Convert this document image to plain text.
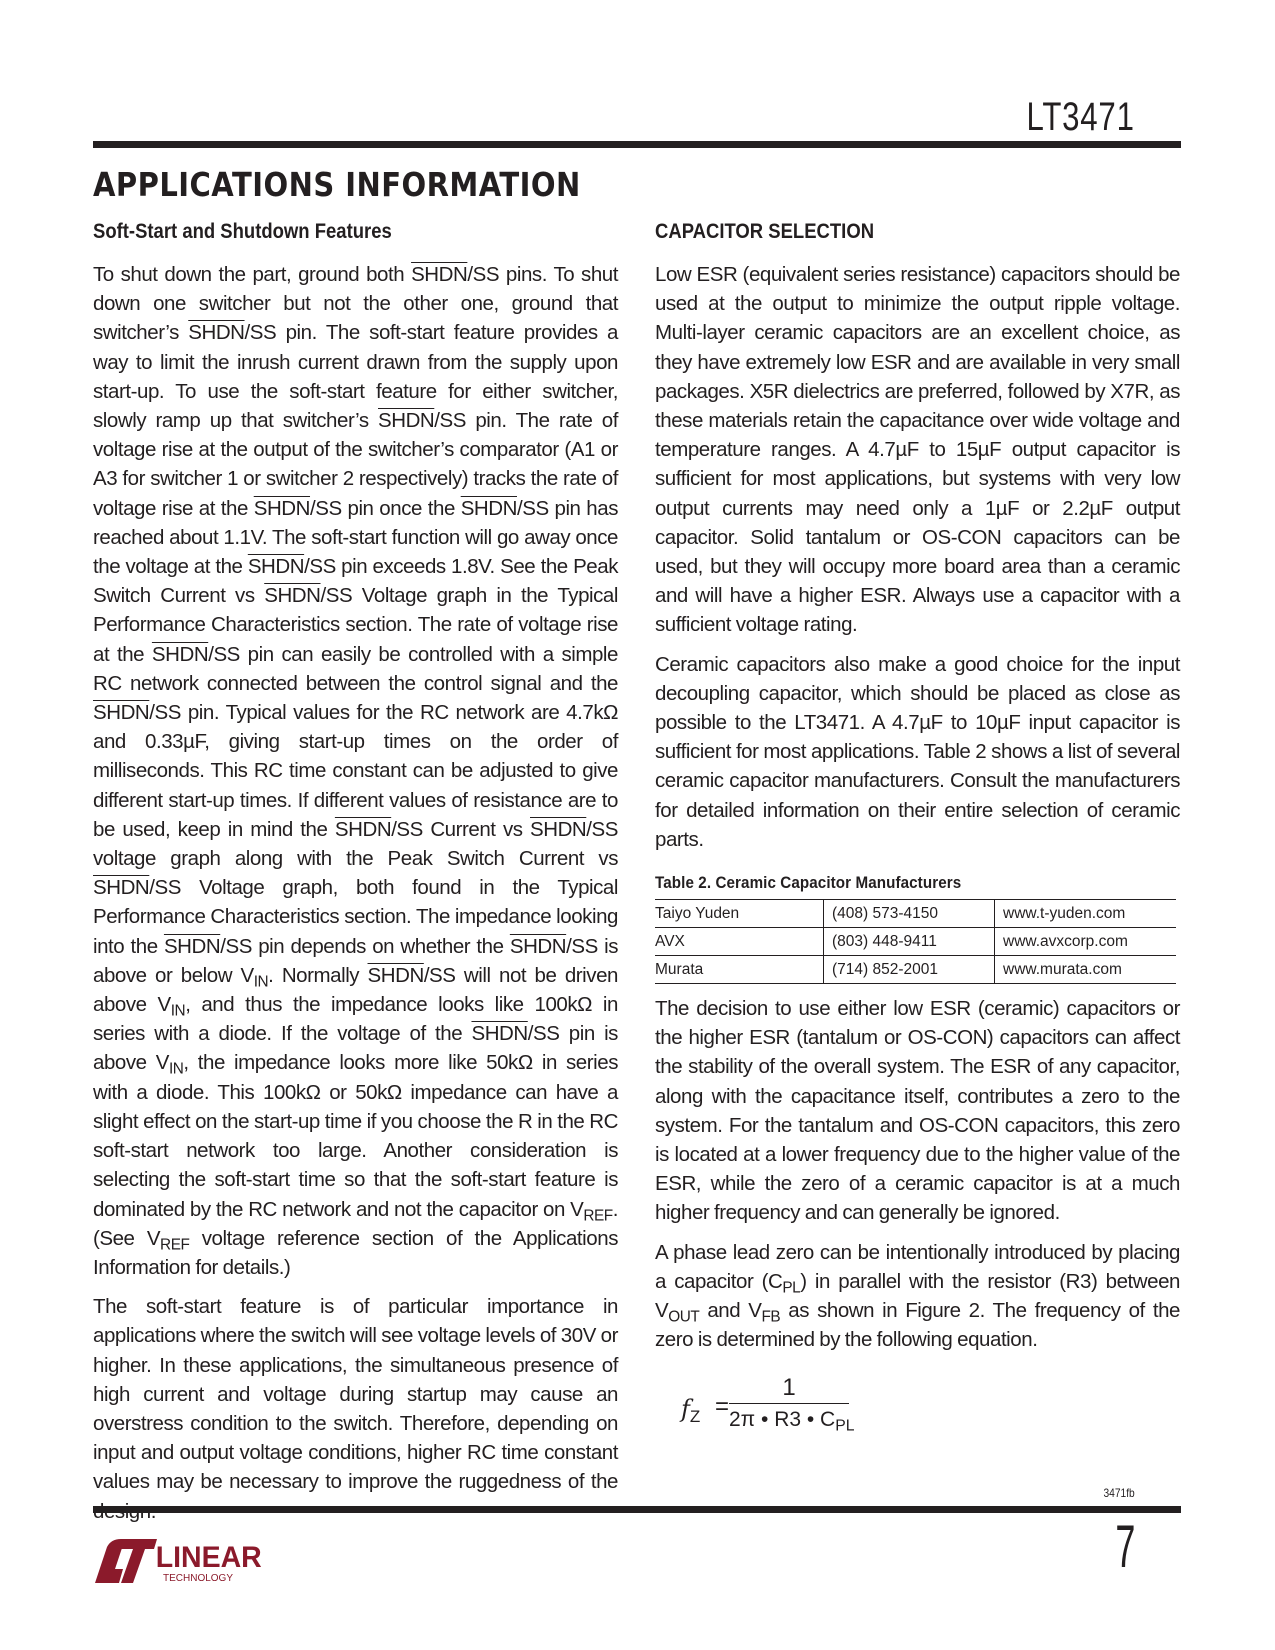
LT3471
APPLICATIONS INFORMATION
Soft-Start and Shutdown Features

To shut down the part, ground both SHDN/SS pins. To shut down one switcher but not the other one, ground that switcher’s SHDN/SS pin. The soft-start feature provides a way to limit the inrush current drawn from the supply upon start-up. To use the soft-start feature for either switcher, slowly ramp up that switcher’s SHDN/SS pin. The rate of voltage rise at the output of the switcher’s comparator (A1 or A3 for switcher 1 or switcher 2 respectively) tracks the rate of voltage rise at the SHDN/SS pin once the SHDN/SS pin has reached about 1.1V. The soft-start function will go away once the voltage at the SHDN/SS pin exceeds 1.8V. See the Peak Switch Current vs SHDN/SS Voltage graph in the Typical Performance Characteristics section. The rate of voltage rise at the SHDN/SS pin can easily be controlled with a simple RC network connected between the control signal and the SHDN/SS pin. Typical values for the RC network are 4.7kΩ and 0.33µF, giving start-up times on the order of milliseconds. This RC time constant can be adjusted to give different start-up times. If different values of resistance are to be used, keep in mind the SHDN/SS Current vs SHDN/SS voltage graph along with the Peak Switch Current vs SHDN/SS Voltage graph, both found in the Typical Performance Characteristics section. The impedance looking into the SHDN/SS pin depends on whether the SHDN/SS is above or below $V_{IN}$. Normally SHDN/SS will not be driven above $V_{IN}$, and thus the impedance looks like 100kΩ in series with a diode. If the voltage of the SHDN/SS pin is above $V_{IN}$, the impedance looks more like 50kΩ in series with a diode. This 100kΩ or 50kΩ impedance can have a slight effect on the start-up time if you choose the R in the RC soft-start network too large. Another consideration is selecting the soft-start time so that the soft-start feature is dominated by the RC network and not the capacitor on $V_{REF}$. (See $V_{REF}$ voltage reference section of the Applications Information for details.)

The soft-start feature is of particular importance in applications where the switch will see voltage levels of 30V or higher. In these applications, the simultaneous presence of high current and voltage during startup may cause an overstress condition to the switch. Therefore, depending on input and output voltage conditions, higher RC time constant values may be necessary to improve the ruggedness of the

CAPACITOR SELECTION

Low ESR (equivalent series resistance) capacitors should be used at the output to minimize the output ripple voltage. Multi-layer ceramic capacitors are an excellent choice, as they have extremely low ESR and are available in very small packages. X5R dielectrics are preferred, followed by X7R, as these materials retain the capacitance over wide voltage and temperature ranges. A 4.7µF to 15µF output capacitor is sufficient for most applications, but systems with very low output currents may need only a 1µF or 2.2µF output capacitor. Solid tantalum or OS-CON capacitors can be used, but they will occupy more board area than a ceramic and will have a higher ESR. Always use a capacitor with a sufficient voltage rating.

Ceramic capacitors also make a good choice for the input decoupling capacitor, which should be placed as close as possible to the LT3471. A 4.7µF to 10µF input capacitor is sufficient for most applications. Table 2 shows a list of several ceramic capacitor manufacturers. Consult the manufacturers for detailed information on their entire selection of ceramic parts.

Table 2. Ceramic Capacitor Manufacturers
Taiyo Yuden	(408) 573-4150	www.t-yuden.com
AVX	(803) 448-9411	www.avxcorp.com
Murata	(714) 852-2001	www.murata.com

The decision to use either low ESR (ceramic) capacitors or the higher ESR (tantalum or OS-CON) capacitors can affect the stability of the overall system. The ESR of any capacitor, along with the capacitance itself, contributes a zero to the system. For the tantalum and OS-CON capacitors, this zero is located at a lower frequency due to the higher value of the ESR, while the zero of a ceramic capacitor is at a much higher frequency and can generally be ignored.

A phase lead zero can be intentionally introduced by placing a capacitor $(C_{PL})$ in parallel with the resistor (R3) between $V_{OUT}$ and $V_{FB}$ as shown in Figure 2. The frequency of the zero is determined by the following equation.

$f_Z$ =
1
2π • R3 • $C_{PL}$
3471fb
7
LINEAR
TECHNOLOGY
